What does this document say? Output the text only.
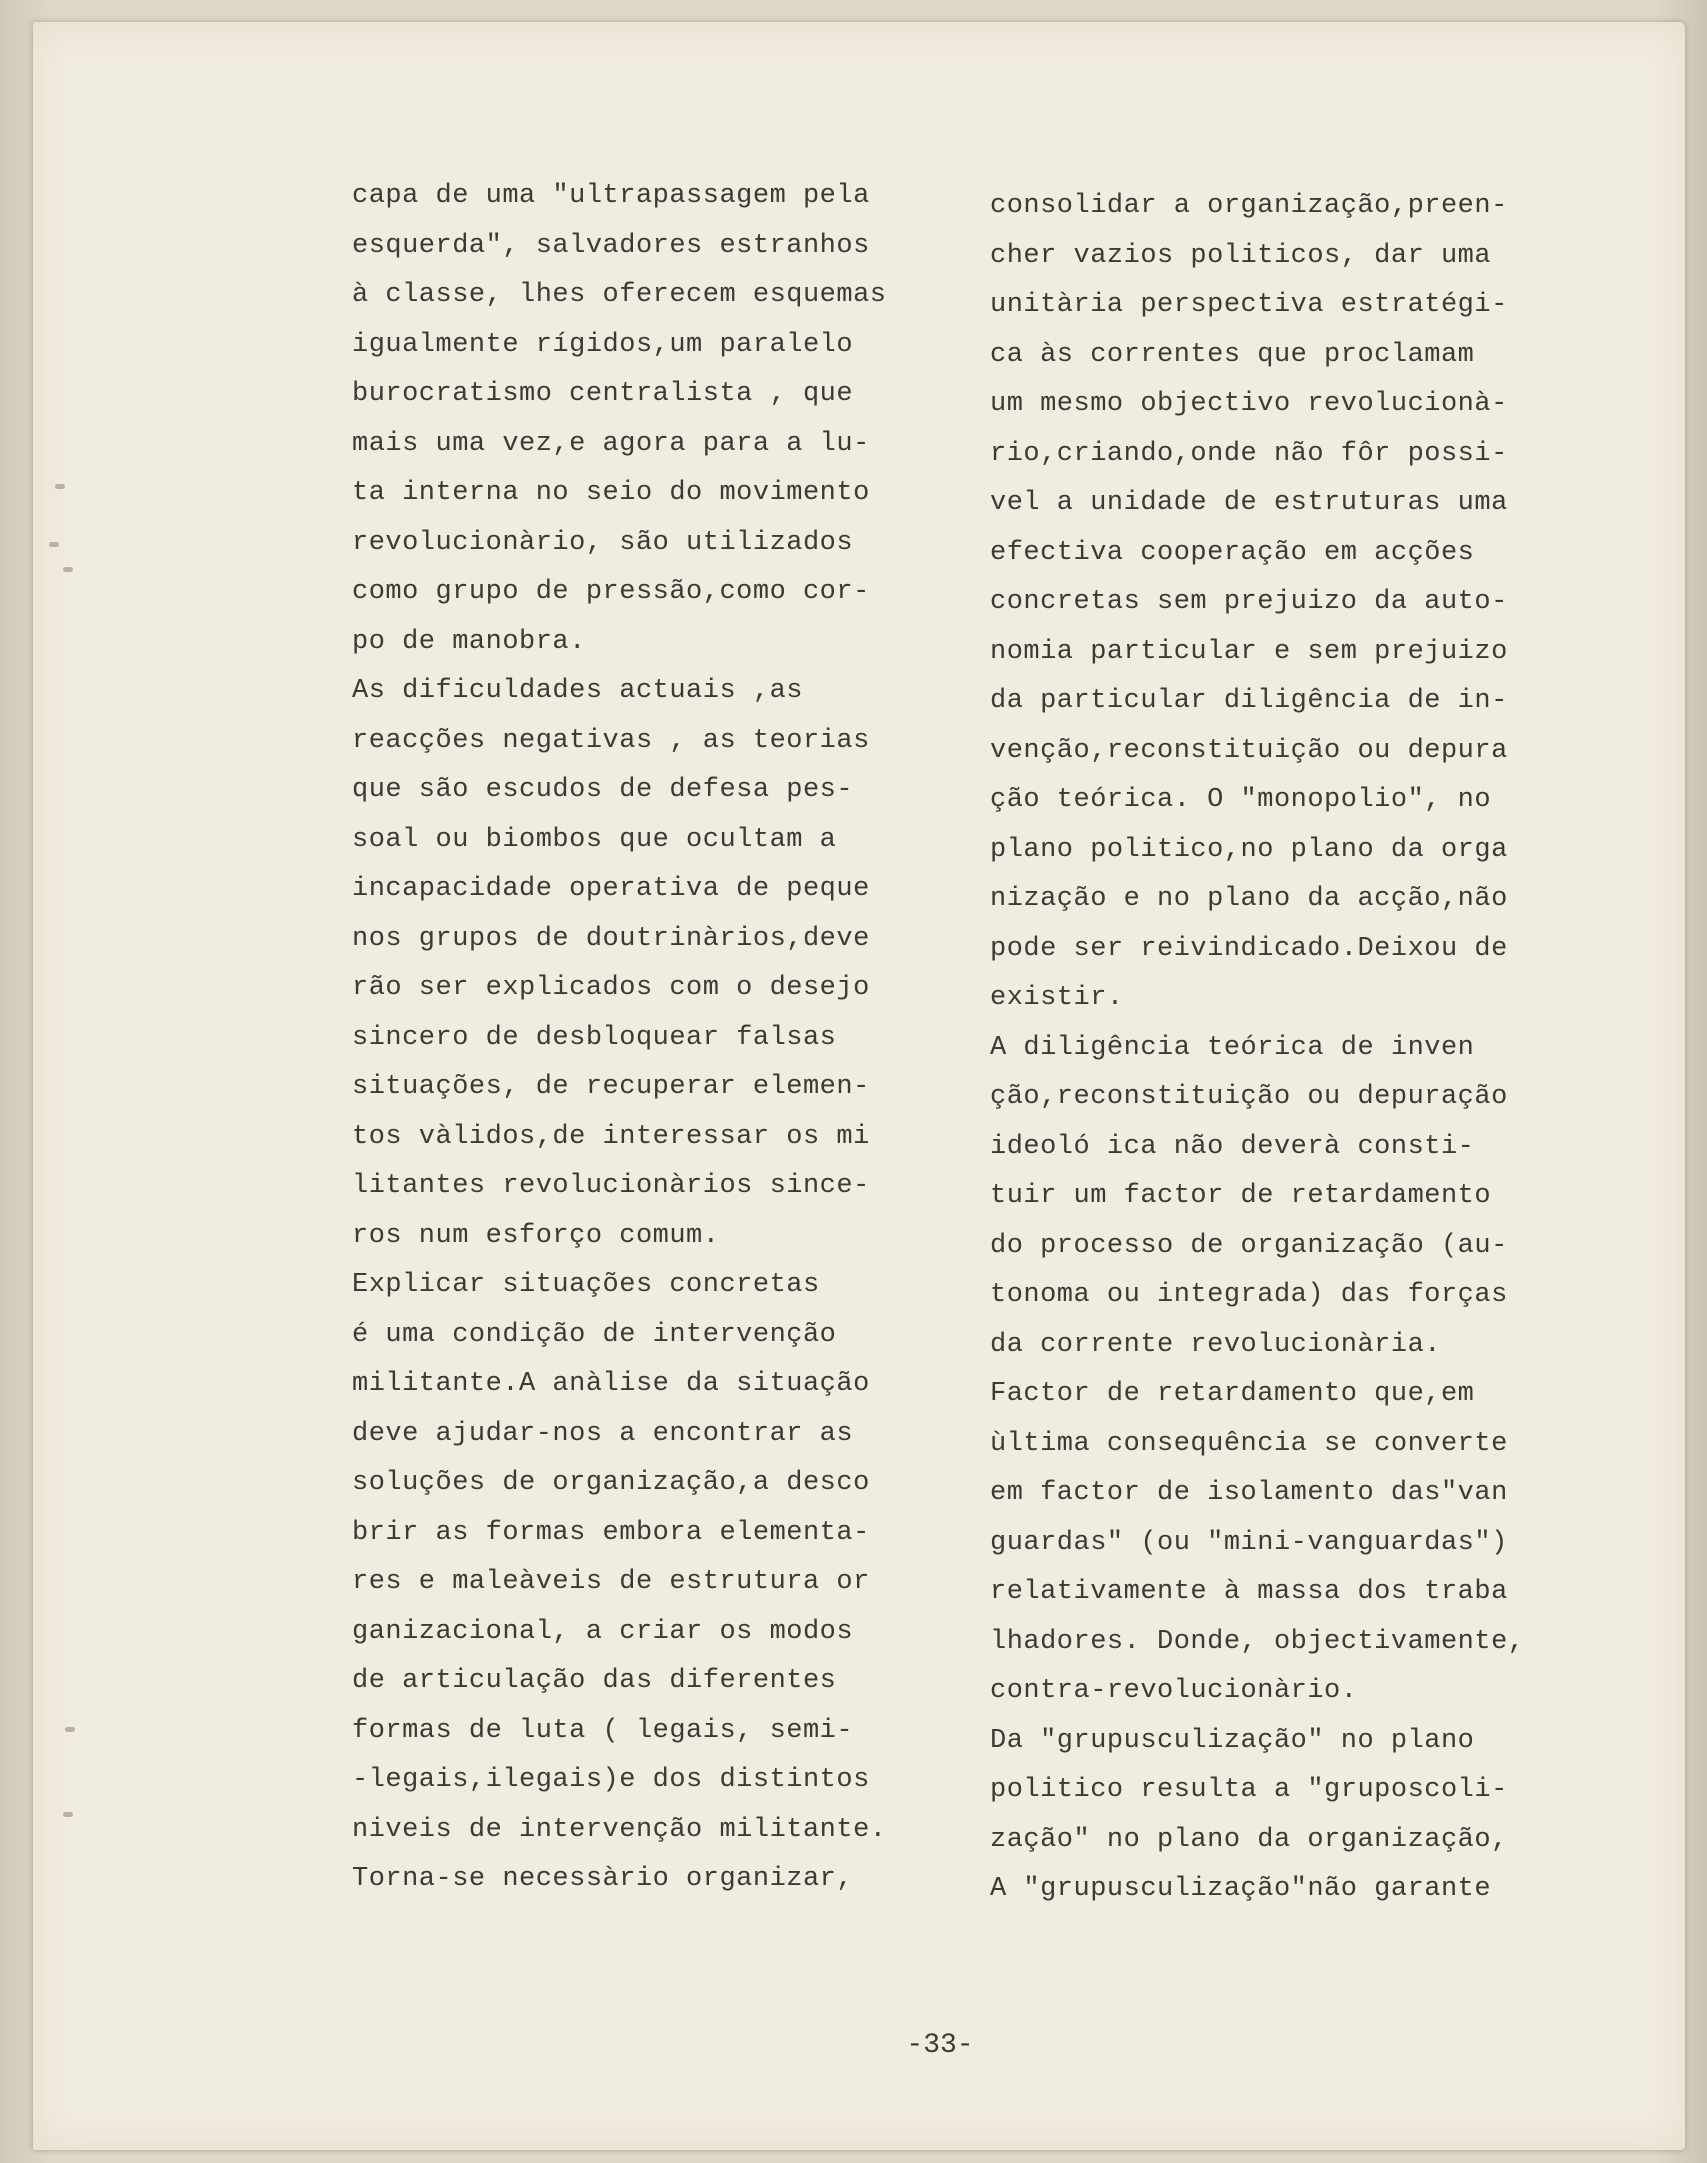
capa de uma "ultrapassagem pela
esquerda", salvadores estranhos
à classe, lhes oferecem esquemas
igualmente rígidos,um paralelo
burocratismo centralista , que
mais uma vez,e agora para a lu-
ta interna no seio do movimento
revolucionàrio, são utilizados
como grupo de pressão,como cor-
po de manobra.
As dificuldades actuais ,as
reacções negativas , as teorias
que são escudos de defesa pes-
soal ou biombos que ocultam a
incapacidade operativa de peque
nos grupos de doutrinàrios,deve
rão ser explicados com o desejo
sincero de desbloquear falsas
situações, de recuperar elemen-
tos vàlidos,de interessar os mi
litantes revolucionàrios since-
ros num esforço comum.
Explicar situações concretas
é uma condição de intervenção
militante.A anàlise da situação
deve ajudar-nos a encontrar as
soluções de organização,a desco
brir as formas embora elementa-
res e maleàveis de estrutura or
ganizacional, a criar os modos
de articulação das diferentes
formas de luta ( legais, semi-
-legais,ilegais)e dos distintos
niveis de intervenção militante.
Torna-se necessàrio organizar,
consolidar a organização,preen-
cher vazios politicos, dar uma
unitària perspectiva estratégi-
ca às correntes que proclamam
um mesmo objectivo revolucionà-
rio,criando,onde não fôr possi-
vel a unidade de estruturas uma
efectiva cooperação em acções
concretas sem prejuizo da auto-
nomia particular e sem prejuizo
da particular diligência de in-
venção,reconstituição ou depura
ção teórica. O "monopolio", no
plano politico,no plano da orga
nização e no plano da acção,não
pode ser reivindicado.Deixou de
existir.
A diligência teórica de inven
ção,reconstituição ou depuração
ideoló ica não deverà consti-
tuir um factor de retardamento
do processo de organização (au-
tonoma ou integrada) das forças
da corrente revolucionària.
Factor de retardamento que,em
ùltima consequência se converte
em factor de isolamento das"van
guardas" (ou "mini-vanguardas")
relativamente à massa dos traba
lhadores. Donde, objectivamente,
contra-revolucionàrio.
Da "grupusculização" no plano
politico resulta a "gruposcoli-
zação" no plano da organização,
A "grupusculização"não garante
-33-
